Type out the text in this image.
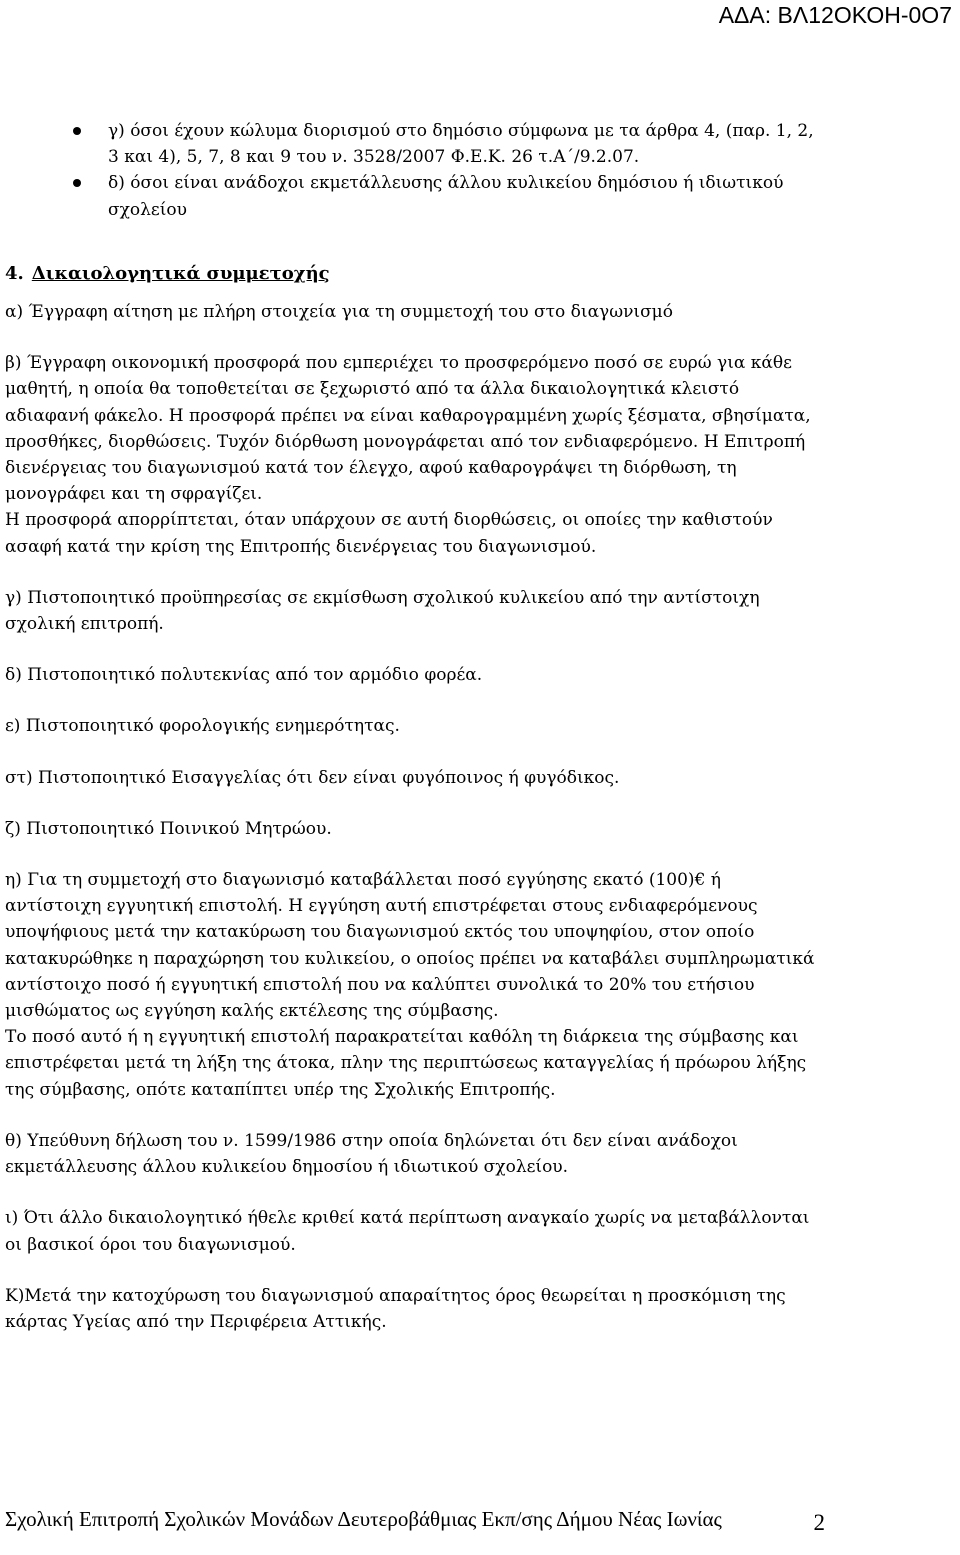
ΑΔΑ: ΒΛ12ΟΚΟΗ-0Ο7
γ) όσοι έχουν κώλυμα διορισμού στο δημόσιο σύμφωνα με τα άρθρα 4, (παρ. 1, 2, 3 και 4), 5, 7, 8 και 9 του ν. 3528/2007 Φ.Ε.Κ. 26 τ.Α΄/9.2.07.
δ) όσοι είναι ανάδοχοι εκμετάλλευσης άλλου κυλικείου δημόσιου ή ιδιωτικού σχολείου
4. Δικαιολογητικά συμμετοχής

α) Έγγραφη αίτηση με πλήρη στοιχεία για τη συμμετοχή του στο διαγωνισμό

β) Έγγραφη οικονομική προσφορά που εμπεριέχει το προσφερόμενο ποσό σε ευρώ για κάθε μαθητή, η οποία θα τοποθετείται σε ξεχωριστό από τα άλλα δικαιολογητικά κλειστό αδιαφανή φάκελο. Η προσφορά πρέπει να είναι καθαρογραμμένη χωρίς ξέσματα, σβησίματα, προσθήκες, διορθώσεις. Τυχόν διόρθωση μονογράφεται από τον ενδιαφερόμενο. Η Επιτροπή διενέργειας του διαγωνισμού κατά τον έλεγχο, αφού καθαρογράψει τη διόρθωση, τη μονογράφει και τη σφραγίζει.

Η προσφορά απορρίπτεται, όταν υπάρχουν σε αυτή διορθώσεις, οι οποίες την καθιστούν ασαφή κατά την κρίση της Επιτροπής διενέργειας του διαγωνισμού.

γ) Πιστοποιητικό προϋπηρεσίας σε εκμίσθωση σχολικού κυλικείου από την αντίστοιχη σχολική επιτροπή.

δ) Πιστοποιητικό πολυτεκνίας από τον αρμόδιο φορέα.

ε) Πιστοποιητικό φορολογικής ενημερότητας.

στ) Πιστοποιητικό Εισαγγελίας ότι δεν είναι φυγόποινος ή φυγόδικος.

ζ) Πιστοποιητικό Ποινικού Μητρώου.

η) Για τη συμμετοχή στο διαγωνισμό καταβάλλεται ποσό εγγύησης εκατό (100)€ ή αντίστοιχη εγγυητική επιστολή. Η εγγύηση αυτή επιστρέφεται στους ενδιαφερόμενους υποψήφιους μετά την κατακύρωση του διαγωνισμού εκτός του υποψηφίου, στον οποίο κατακυρώθηκε η παραχώρηση του κυλικείου, ο οποίος πρέπει να καταβάλει συμπληρωματικά αντίστοιχο ποσό ή εγγυητική επιστολή που να καλύπτει συνολικά το 20% του ετήσιου μισθώματος ως εγγύηση καλής εκτέλεσης της σύμβασης.

Το ποσό αυτό ή η εγγυητική επιστολή παρακρατείται καθόλη τη διάρκεια της σύμβασης και επιστρέφεται μετά τη λήξη της άτοκα, πλην της περιπτώσεως καταγγελίας ή πρόωρου λήξης της σύμβασης, οπότε καταπίπτει υπέρ της Σχολικής Επιτροπής.

θ) Υπεύθυνη δήλωση του ν. 1599/1986 στην οποία δηλώνεται ότι δεν είναι ανάδοχοι εκμετάλλευσης άλλου κυλικείου δημοσίου ή ιδιωτικού σχολείου.

ι) Ότι άλλο δικαιολογητικό ήθελε κριθεί κατά περίπτωση αναγκαίο χωρίς να μεταβάλλονται οι βασικοί όροι του διαγωνισμού.

Κ)Μετά την κατοχύρωση του διαγωνισμού απαραίτητος όρος θεωρείται η προσκόμιση της κάρτας Υγείας από την Περιφέρεια Αττικής.

Σχολική Επιτροπή Σχολικών Μονάδων Δευτεροβάθμιας Εκπ/σης Δήμου Νέας Ιωνίας	2
